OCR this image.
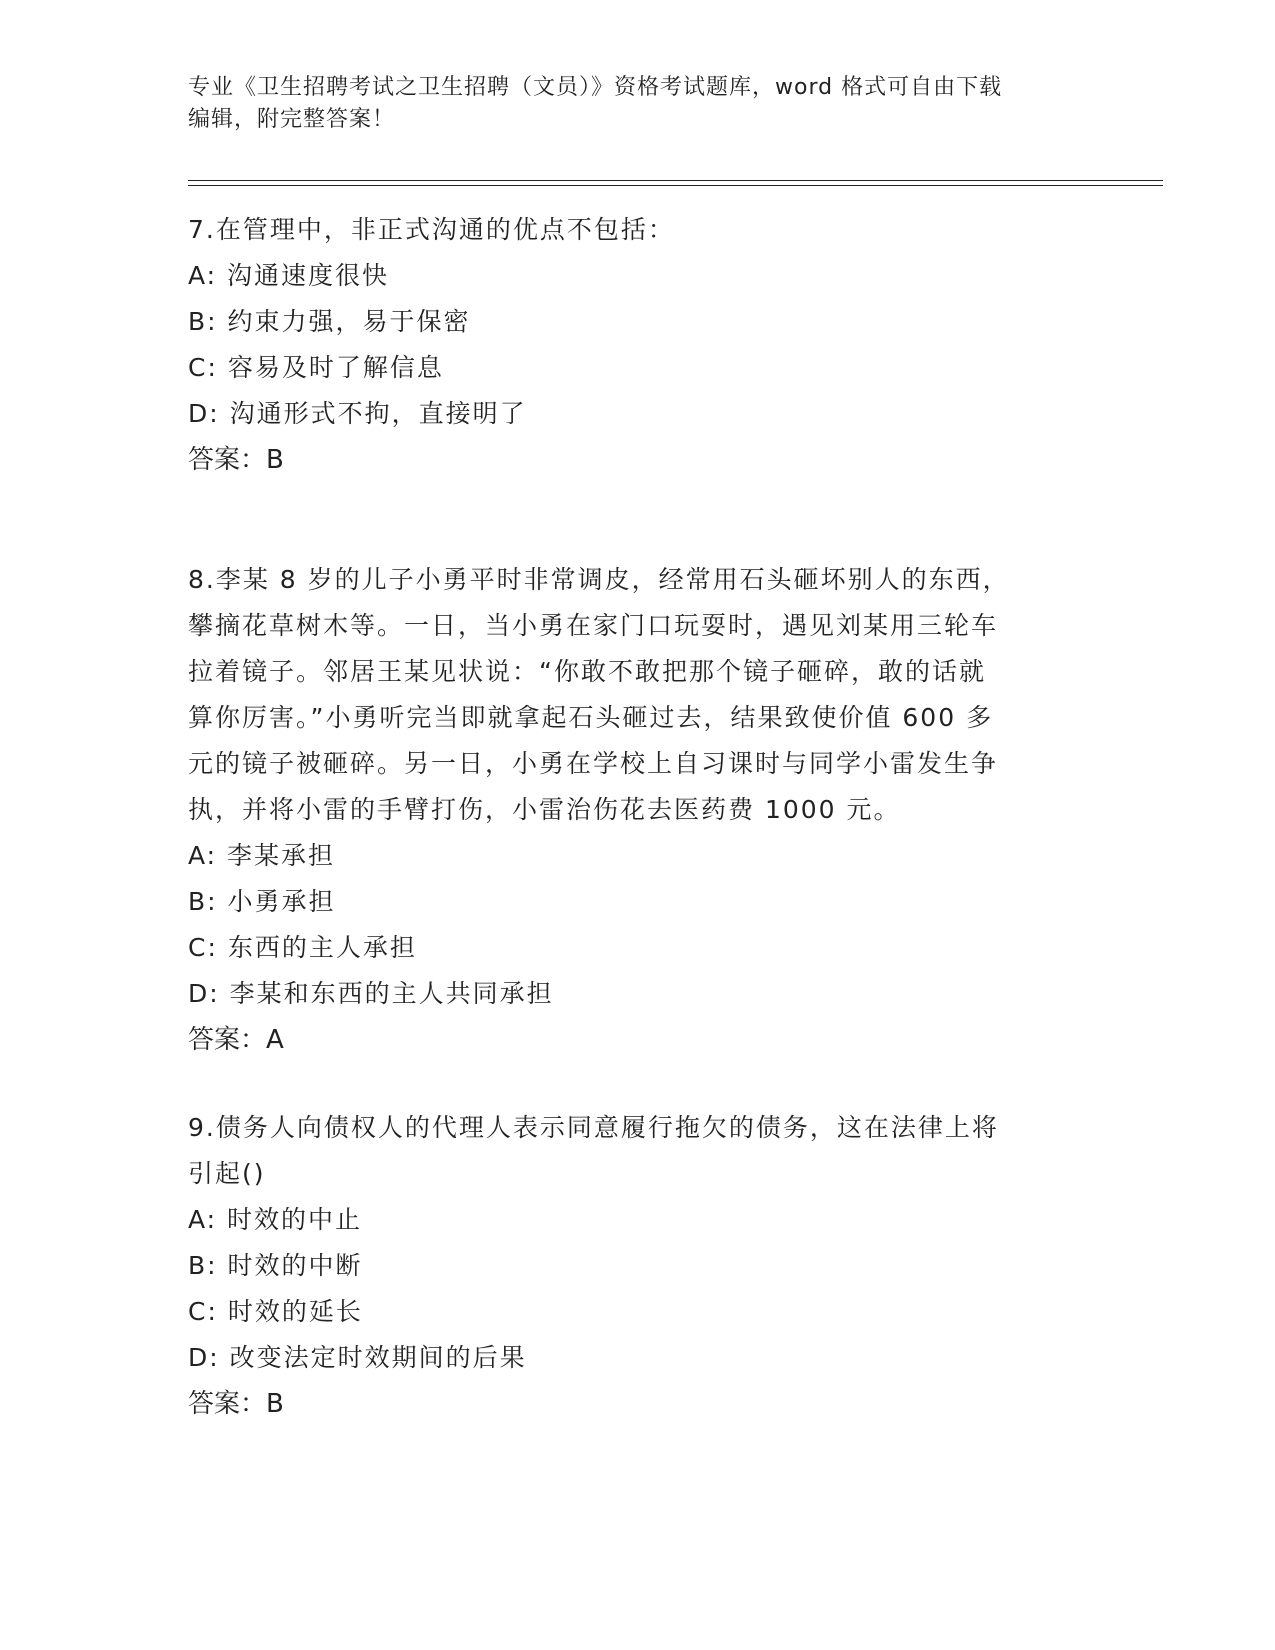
专业《卫生招聘考试之卫生招聘（文员）》资格考试题库，word 格式可自由下载
编辑，附完整答案！
7.在管理中，非正式沟通的优点不包括：
A: 沟通速度很快
B: 约束力强，易于保密
C: 容易及时了解信息
D: 沟通形式不拘，直接明了
答案：B
8.李某 8 岁的儿子小勇平时非常调皮，经常用石头砸坏别人的东西，
攀摘花草树木等。一日，当小勇在家门口玩耍时，遇见刘某用三轮车
拉着镜子。邻居王某见状说：“你敢不敢把那个镜子砸碎，敢的话就
算你厉害。”小勇听完当即就拿起石头砸过去，结果致使价值 600 多
元的镜子被砸碎。另一日，小勇在学校上自习课时与同学小雷发生争
执，并将小雷的手臂打伤，小雷治伤花去医药费 1000 元。
A: 李某承担
B: 小勇承担
C: 东西的主人承担
D: 李某和东西的主人共同承担
答案：A
9.债务人向债权人的代理人表示同意履行拖欠的债务，这在法律上将
引起()
A: 时效的中止
B: 时效的中断
C: 时效的延长
D: 改变法定时效期间的后果
答案：B
